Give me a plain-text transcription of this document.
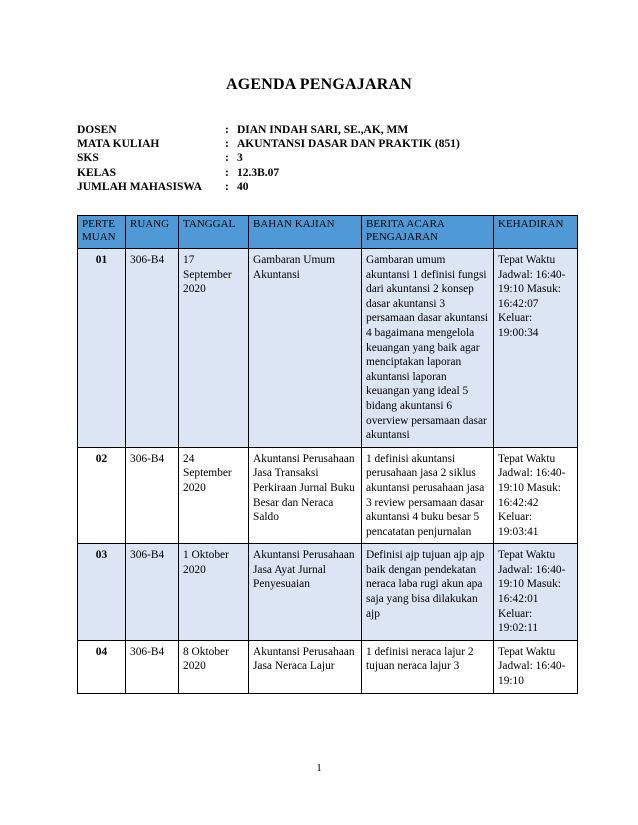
AGENDA PENGAJARAN
DOSEN	: DIAN INDAH SARI, SE.,AK, MM
MATA KULIAH	: AKUNTANSI DASAR DAN PRAKTIK (851)
SKS	: 3
KELAS	: 12.3B.07
JUMLAH MAHASISWA	: 40
PERTE MUAN	RUANG	TANGGAL	BAHAN KAJIAN	BERITA ACARA PENGAJARAN	KEHADIRAN
01	306-B4	17 September 2020	Gambaran Umum Akuntansi	Gambaran umum akuntansi 1 definisi fungsi dari akuntansi 2 konsep dasar akuntansi 3 persamaan dasar akuntansi 4 bagaimana mengelola keuangan yang baik agar menciptakan laporan akuntansi laporan keuangan yang ideal 5 bidang akuntansi 6 overview persamaan dasar akuntansi	Tepat Waktu Jadwal: 16:40-19:10 Masuk: 16:42:07 Keluar: 19:00:34
02	306-B4	24 September 2020	Akuntansi Perusahaan Jasa Transaksi Perkiraan Jurnal Buku Besar dan Neraca Saldo	1 definisi akuntansi perusahaan jasa 2 siklus akuntansi perusahaan jasa 3 review persamaan dasar akuntansi 4 buku besar 5 pencatatan penjurnalan	Tepat Waktu Jadwal: 16:40-19:10 Masuk: 16:42:42 Keluar: 19:03:41
03	306-B4	1 Oktober 2020	Akuntansi Perusahaan Jasa Ayat Jurnal Penyesuaian	Definisi ajp tujuan ajp ajp baik dengan pendekatan neraca laba rugi akun apa saja yang bisa dilakukan ajp	Tepat Waktu Jadwal: 16:40-19:10 Masuk: 16:42:01 Keluar: 19:02:11
04	306-B4	8 Oktober 2020	Akuntansi Perusahaan Jasa Neraca Lajur	1 definisi neraca lajur 2 tujuan neraca lajur 3	Tepat Waktu Jadwal: 16:40-19:10
1
